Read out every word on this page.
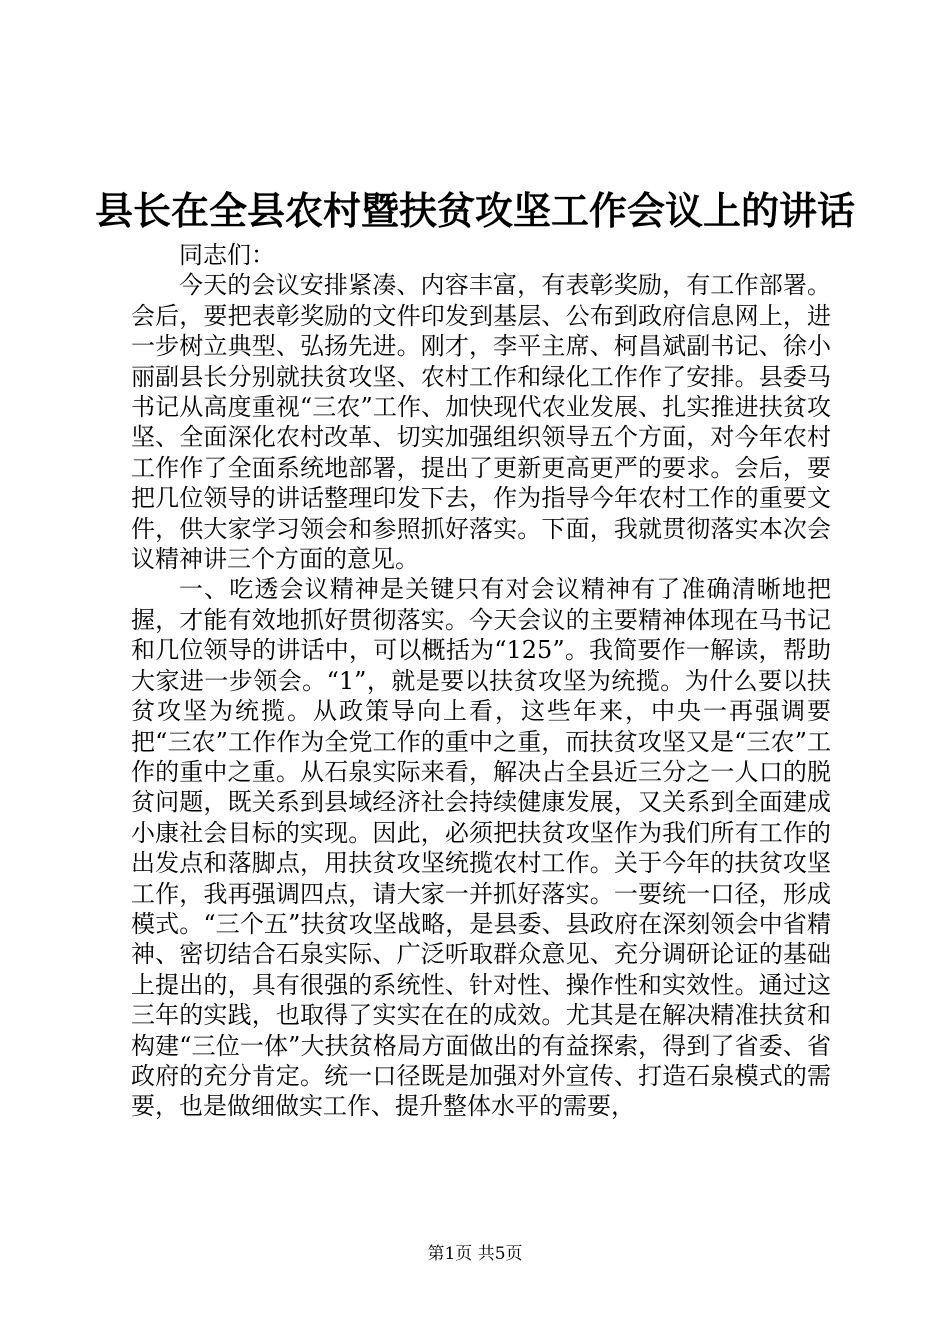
县长在全县农村暨扶贫攻坚工作会议上的讲话

同志们：

今天的会议安排紧凑、内容丰富，有表彰奖励，有工作部署。会后，要把表彰奖励的文件印发到基层、公布到政府信息网上，进一步树立典型、弘扬先进。刚才，李平主席、柯昌斌副书记、徐小丽副县长分别就扶贫攻坚、农村工作和绿化工作作了安排。县委马书记从高度重视“三农”工作、加快现代农业发展、扎实推进扶贫攻坚、全面深化农村改革、切实加强组织领导五个方面，对今年农村工作作了全面系统地部署，提出了更新更高更严的要求。会后，要把几位领导的讲话整理印发下去，作为指导今年农村工作的重要文件，供大家学习领会和参照抓好落实。下面，我就贯彻落实本次会议精神讲三个方面的意见。

一、吃透会议精神是关键只有对会议精神有了准确清晰地把握，才能有效地抓好贯彻落实。今天会议的主要精神体现在马书记和几位领导的讲话中，可以概括为“125”。我简要作一解读，帮助大家进一步领会。“1”，就是要以扶贫攻坚为统揽。为什么要以扶贫攻坚为统揽。从政策导向上看，这些年来，中央一再强调要把“三农”工作作为全党工作的重中之重，而扶贫攻坚又是“三农”工作的重中之重。从石泉实际来看，解决占全县近三分之一人口的脱贫问题，既关系到县域经济社会持续健康发展，又关系到全面建成小康社会目标的实现。因此，必须把扶贫攻坚作为我们所有工作的出发点和落脚点，用扶贫攻坚统揽农村工作。关于今年的扶贫攻坚工作，我再强调四点，请大家一并抓好落实。一要统一口径，形成模式。“三个五”扶贫攻坚战略，是县委、县政府在深刻领会中省精神、密切结合石泉实际、广泛听取群众意见、充分调研论证的基础上提出的，具有很强的系统性、针对性、操作性和实效性。通过这三年的实践，也取得了实实在在的成效。尤其是在解决精准扶贫和构建“三位一体”大扶贫格局方面做出的有益探索，得到了省委、省政府的充分肯定。统一口径既是加强对外宣传、打造石泉模式的需要，也是做细做实工作、提升整体水平的需要，

第1页 共5页
